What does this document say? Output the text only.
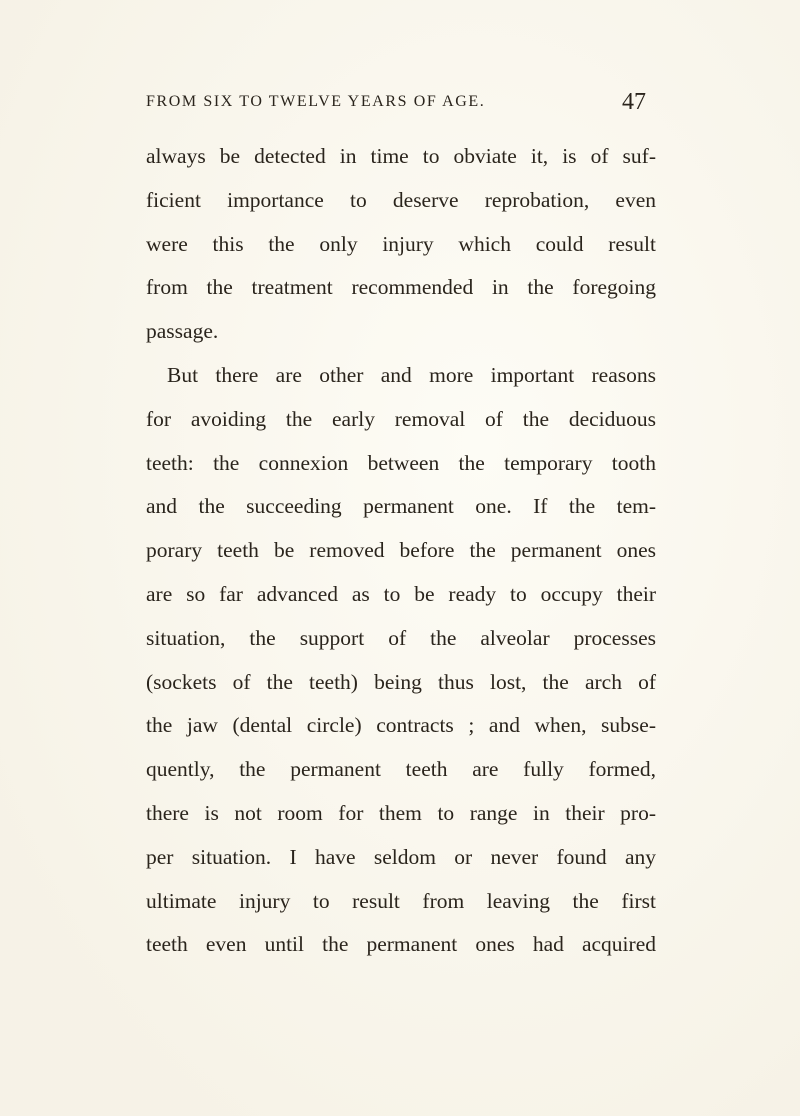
FROM SIX TO TWELVE YEARS OF AGE.	47
always be detected in time to obviate it, is of suf-
ficient importance to deserve reprobation, even
were this the only injury which could result
from the treatment recommended in the foregoing
passage.
But there are other and more important reasons
for avoiding the early removal of the deciduous
teeth: the connexion between the temporary tooth
and the succeeding permanent one. If the tem-
porary teeth be removed before the permanent ones
are so far advanced as to be ready to occupy their
situation, the support of the alveolar processes
(sockets of the teeth) being thus lost, the arch of
the jaw (dental circle) contracts ; and when, subse-
quently, the permanent teeth are fully formed,
there is not room for them to range in their pro-
per situation. I have seldom or never found any
ultimate injury to result from leaving the first
teeth even until the permanent ones had acquired
